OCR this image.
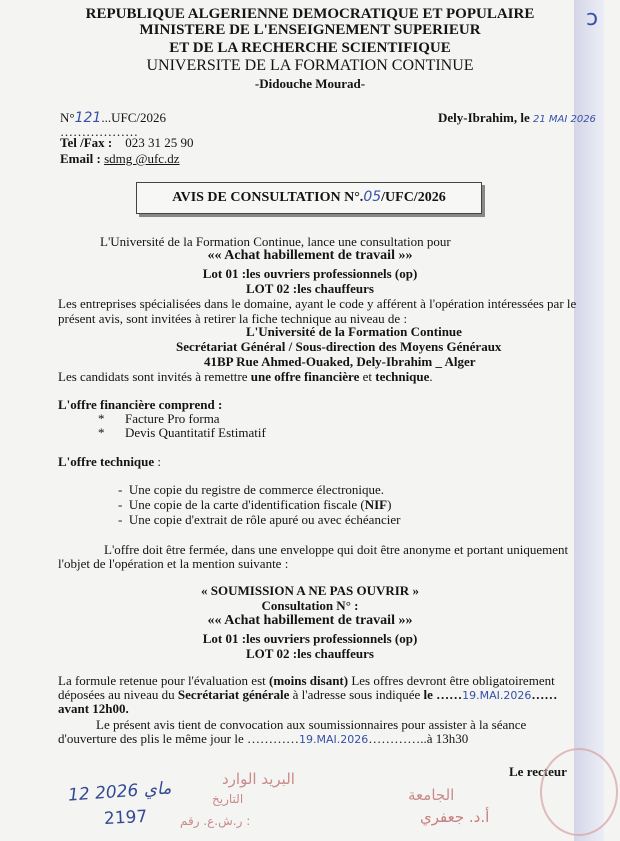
ↄ
REPUBLIQUE ALGERIENNE DEMOCRATIQUE ET POPULAIRE
MINISTERE DE L'ENSEIGNEMENT SUPERIEUR
ET DE LA RECHERCHE SCIENTIFIQUE
UNIVERSITE DE LA FORMATION CONTINUE
-Didouche Mourad-
N°121...UFC/2026
………………
Dely-Ibrahim, le 21 MAI 2026
Tel /Fax : 023 31 25 90
Email : sdmg @ufc.dz
AVIS DE CONSULTATION N°.05/UFC/2026
L'Université de la Formation Continue, lance une consultation pour
«« Achat habillement de travail »»
Lot 01 :les ouvriers professionnels (op)
LOT 02 :les chauffeurs
Les entreprises spécialisées dans le domaine, ayant le code y afférent à l'opération intéressées par le
présent avis, sont invitées à retirer la fiche technique au niveau de :
L'Université de la Formation Continue
Secrétariat Général / Sous-direction des Moyens Généraux
41BP Rue Ahmed-Ouaked, Dely-Ibrahim _ Alger
Les candidats sont invités à remettre une offre financière et technique.
L'offre financière comprend :
* Facture Pro forma
* Devis Quantitatif Estimatif
L'offre technique :
-  Une copie du registre de commerce électronique.
-  Une copie de la carte d'identification fiscale (NIF)
-  Une copie d'extrait de rôle apuré ou avec échéancier
L'offre doit être fermée, dans une enveloppe qui doit être anonyme et portant uniquement
l'objet de l'opération et la mention suivante :
« SOUMISSION A NE PAS OUVRIR »
Consultation N° :
«« Achat habillement de travail »»
Lot 01 :les ouvriers professionnels (op)
LOT 02 :les chauffeurs
La formule retenue pour l'évaluation est (moins disant) Les offres devront être obligatoirement
déposées au niveau du Secrétariat générale à l'adresse sous indiquée le ……19.MAI.2026……
avant 12h00.
Le présent avis tient de convocation aux soumissionnaires pour assister à la séance
d'ouverture des plis le même jour le …………19.MAI.2026…………..à 13h30
Le recteur
البريد الوارد
التاريخ
12 ماي 2026
ر.ش.ع. رقم :
2197
الجامعة
أ.د. جعفري
